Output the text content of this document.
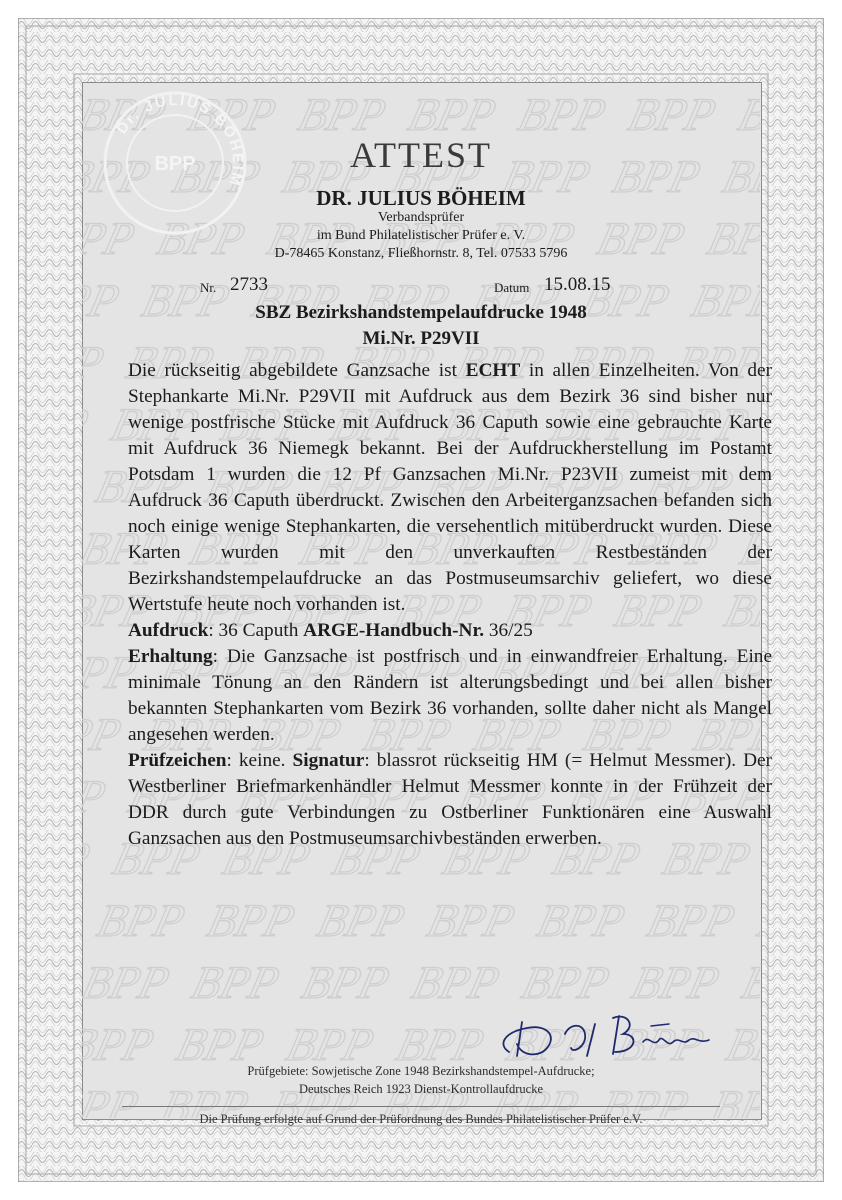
Dr. JULIUS BÖHEIM
BPP	ATTEST
DR. JULIUS BÖHEIM
Verbandsprüfer
im Bund Philatelistischer Prüfer e. V.
D-78465 Konstanz, Fließhornstr. 8, Tel. 07533 5796
Nr. 2733	Datum 15.08.15
SBZ Bezirkshandstempelaufdrucke 1948
Mi.Nr. P29VII

Die rückseitig abgebildete Ganzsache ist ECHT in allen Einzelheiten. Von der Stephankarte Mi.Nr. P29VII mit Aufdruck aus dem Bezirk 36 sind bisher nur wenige postfrische Stücke mit Aufdruck 36 Caputh sowie eine gebrauchte Karte mit Aufdruck 36 Niemegk bekannt. Bei der Aufdruckherstellung im Postamt Potsdam 1 wurden die 12 Pf Ganzsachen Mi.Nr. P23VII zumeist mit dem Aufdruck 36 Caputh überdruckt. Zwischen den Arbeiterganzsachen befanden sich noch einige wenige Stephankarten, die versehentlich mitüberdruckt wurden. Diese Karten wurden mit den unverkauften Restbeständen der Bezirkshandstempelaufdrucke an das Postmuseumsarchiv geliefert, wo diese Wertstufe heute noch vorhanden ist.

Aufdruck: 36 Caputh ARGE-Handbuch-Nr. 36/25

Erhaltung: Die Ganzsache ist postfrisch und in einwandfreier Erhaltung. Eine minimale Tönung an den Rändern ist alterungsbedingt und bei allen bisher bekannten Stephankarten vom Bezirk 36 vorhanden, sollte daher nicht als Mangel angesehen werden.

Prüfzeichen: keine. Signatur: blassrot rückseitig HM (= Helmut Messmer). Der Westberliner Briefmarkenhändler Helmut Messmer konnte in der Frühzeit der DDR durch gute Verbindungen zu Ostberliner Funktionären eine Auswahl Ganzsachen aus den Postmuseumsarchivbeständen erwerben.

Prüfgebiete: Sowjetische Zone 1948 Bezirkshandstempel-Aufdrucke;
Deutsches Reich 1923 Dienst-Kontrollaufdrucke
Die Prüfung erfolgte auf Grund der Prüfordnung des Bundes Philatelistischer Prüfer e.V.
